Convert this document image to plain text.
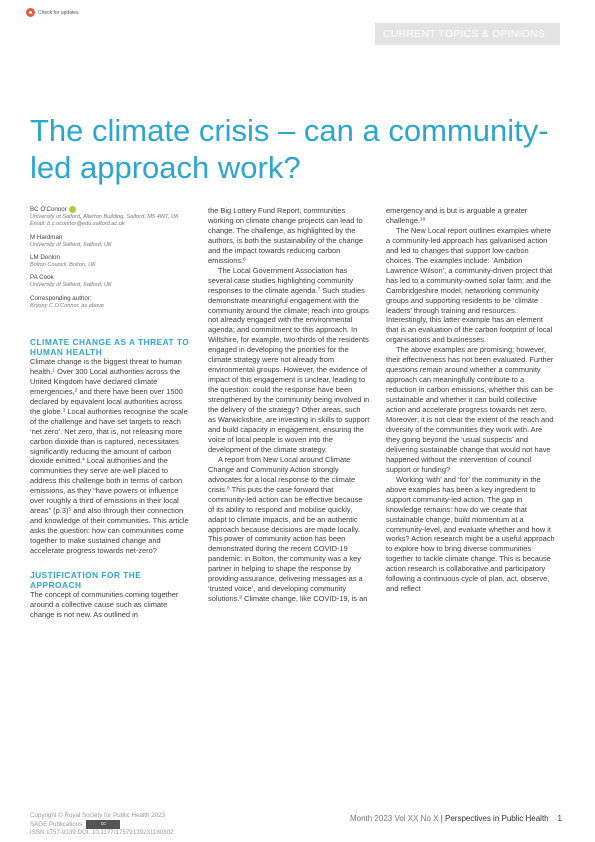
Check for updates
CURRENT TOPICS & OPINIONS
The climate crisis – can a community-led approach work?
BC O’Connor
University of Salford, Allerton Building, Salford, M5 4WT, UK
Email: b.c.oconnor@edu.salford.ac.uk
M Hardman
University of Salford, Salford, UK
LM Donlon
Bolton Council, Bolton, UK
PA Cook
University of Salford, Salford, UK
Corresponding author:
Bryony C O’Connor, as above
CLIMATE CHANGE AS A THREAT TO HUMAN HEALTH

Climate change is the biggest threat to human health.$^1$ Over 300 Local authorities across the United Kingdom have declared climate emergencies,$^2$ and there have been over 1500 declared by equivalent local authorities across the globe.$^3$ Local authorities recognise the scale of the challenge and have set targets to reach ‘net zero’. Net zero, that is, not releasing more carbon dioxide than is captured, necessitates significantly reducing the amount of carbon dioxide emitted.$^4$ Local authorities and the communities they serve are well placed to address this challenge both in terms of carbon emissions, as they “have powers or influence over roughly a third of emissions in their local areas” $(p.3)^5$ and also through their connection and knowledge of their communities. This article asks the question: how can communities come together to make sustained change and accelerate progress towards net-zero?

JUSTIFICATION FOR THE APPROACH

The concept of communities coming together around a collective cause such as climate change is not new. As outlined in

the Big Lottery Fund Report, communities working on climate change projects can lead to change. The challenge, as highlighted by the authors, is both the sustainability of the change and the impact towards reducing carbon emissions.$^6$

The Local Government Association has several case studies highlighting community responses to the climate agenda.$^7$ Such studies demonstrate meaningful engagement with the community around the climate; reach into groups not already engaged with the environmental agenda; and commitment to this approach. In Wiltshire, for example, two-thirds of the residents engaged in developing the priorities for the climate strategy were not already from environmental groups. However, the evidence of impact of this engagement is unclear, leading to the question: could the response have been strengthened by the community being involved in the delivery of the strategy? Other areas, such as Warwickshire, are investing in skills to support and build capacity in engagement, ensuring the voice of local people is woven into the development of the climate strategy.

A report from New Local around Climate Change and Community Action strongly advocates for a local response to the climate crisis.$^8$ This puts the case forward that community-led action can be effective because of its ability to respond and mobilise quickly, adapt to climate impacts, and be an authentic approach because decisions are made locally. This power of community action has been demonstrated during the recent COVID-19 pandemic: in Bolton, the community was a key partner in helping to shape the response by providing assurance, delivering messages as a ‘trusted voice’, and developing community solutions.$^9$ Climate change, like COVID-19, is an

emergency and is but is arguable a greater challenge.$^{10}$

The New Local report outlines examples where a community-led approach has galvanised action and led to changes that support low-carbon choices. The examples include: ‘Ambition Lawrence Wilson’, a community-driven project that has led to a community-owned solar farm; and the Cambridgeshire model, networking community groups and supporting residents to be ‘climate leaders’ through training and resources. Interestingly, this latter example has an element that is an evaluation of the carbon footprint of local organisations and businesses.

The above examples are promising; however, their effectiveness has not been evaluated. Further questions remain around whether a community approach can meaningfully contribute to a reduction in carbon emissions, whether this can be sustainable and whether it can build collective action and accelerate progress towards net zero. Moreover, it is not clear the extent of the reach and diversity of the communities they work with. Are they going beyond the ‘usual suspects’ and delivering sustainable change that would not have happened without the intervention of council support or funding?

Working ‘with’ and ‘for’ the community in the above examples has been a key ingredient to support community-led action. The gap in knowledge remains: how do we create that sustainable change, build momentum at a community-level, and evaluate whether and how it works? Action research might be a useful approach to explore how to bring diverse communities together to tackle climate change. This is because action research is collaborative and participatory following a continuous cycle of plan, act, observe, and reflect

Copyright © Royal Society for Public Health 2023
SAGE Publications	cc
ISSN 1757-9139 DOI: 10.1177/17579139231180802
Month 2023 Vol XX No X | Perspectives in Public Health 1
